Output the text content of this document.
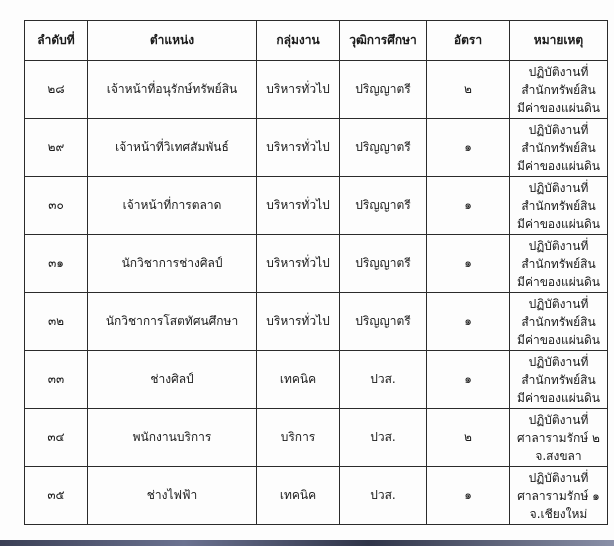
ลำดับที่	ตำแหน่ง	กลุ่มงาน	วุฒิการศึกษา	อัตรา	หมายเหตุ
๒๘	เจ้าหน้าที่อนุรักษ์ทรัพย์สิน	บริหารทั่วไป	ปริญญาตรี	๒	ปฏิบัติงานที่
สำนักทรัพย์สิน
มีค่าของแผ่นดิน

๒๙	เจ้าหน้าที่วิเทศสัมพันธ์	บริหารทั่วไป	ปริญญาตรี	๑	ปฏิบัติงานที่
สำนักทรัพย์สิน
มีค่าของแผ่นดิน

๓๐	เจ้าหน้าที่การตลาด	บริหารทั่วไป	ปริญญาตรี	๑	ปฏิบัติงานที่
สำนักทรัพย์สิน
มีค่าของแผ่นดิน

๓๑	นักวิชาการช่างศิลป์	บริหารทั่วไป	ปริญญาตรี	๑	ปฏิบัติงานที่
สำนักทรัพย์สิน
มีค่าของแผ่นดิน

๓๒	นักวิชาการโสตทัศนศึกษา	บริหารทั่วไป	ปริญญาตรี	๑	ปฏิบัติงานที่
สำนักทรัพย์สิน
มีค่าของแผ่นดิน

๓๓	ช่างศิลป์	เทคนิค	ปวส.	๑	ปฏิบัติงานที่
สำนักทรัพย์สิน
มีค่าของแผ่นดิน

๓๔	พนักงานบริการ	บริการ	ปวส.	๒	ปฏิบัติงานที่
ศาลารามรักษ์ ๒
จ.สงขลา

๓๕	ช่างไฟฟ้า	เทคนิค	ปวส.	๑	ปฏิบัติงานที่
ศาลารามรักษ์ ๑
จ.เชียงใหม่
